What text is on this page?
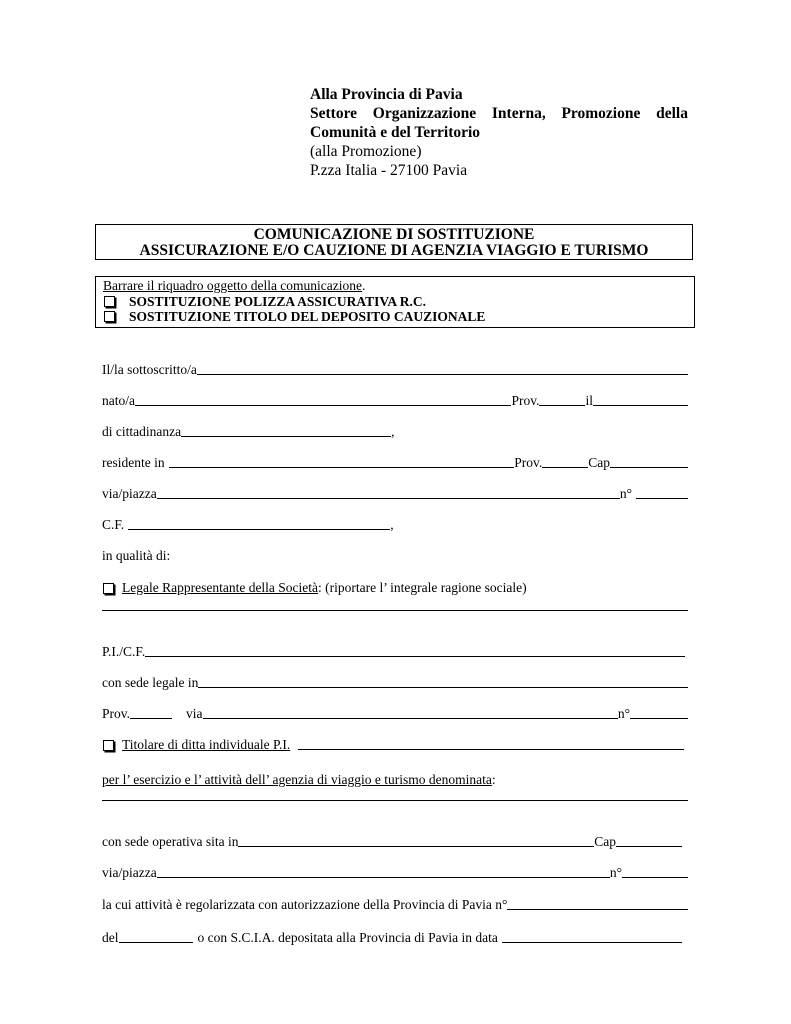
Alla Provincia di Pavia
Settore Organizzazione Interna, Promozione della
Comunità e del Territorio
(alla Promozione)
P.zza Italia - 27100 Pavia
COMUNICAZIONE DI SOSTITUZIONE
ASSICURAZIONE E/O CAUZIONE DI AGENZIA VIAGGIO E TURISMO
Barrare il riquadro oggetto della comunicazione.
SOSTITUZIONE POLIZZA ASSICURATIVA R.C.
SOSTITUZIONE TITOLO DEL DEPOSITO CAUZIONALE
Il/la sottoscritto/a
nato/a	Prov.	il
di cittadinanza	,
residente in	Prov.	Cap
via/piazza	n°
C.F.	,
in qualità di:
Legale Rappresentante della Società : (riportare l’ integrale ragione sociale)
P.I./C.F.
con sede legale in
Prov.	via	n°
Titolare di ditta individuale P.I.
per l’ esercizio e l’ attività dell’ agenzia di viaggio e turismo denominata :
con sede operativa sita in	Cap
via/piazza	n°
la cui attività è regolarizzata con autorizzazione della Provincia di Pavia n°
del	o con S.C.I.A. depositata alla Provincia di Pavia in data
